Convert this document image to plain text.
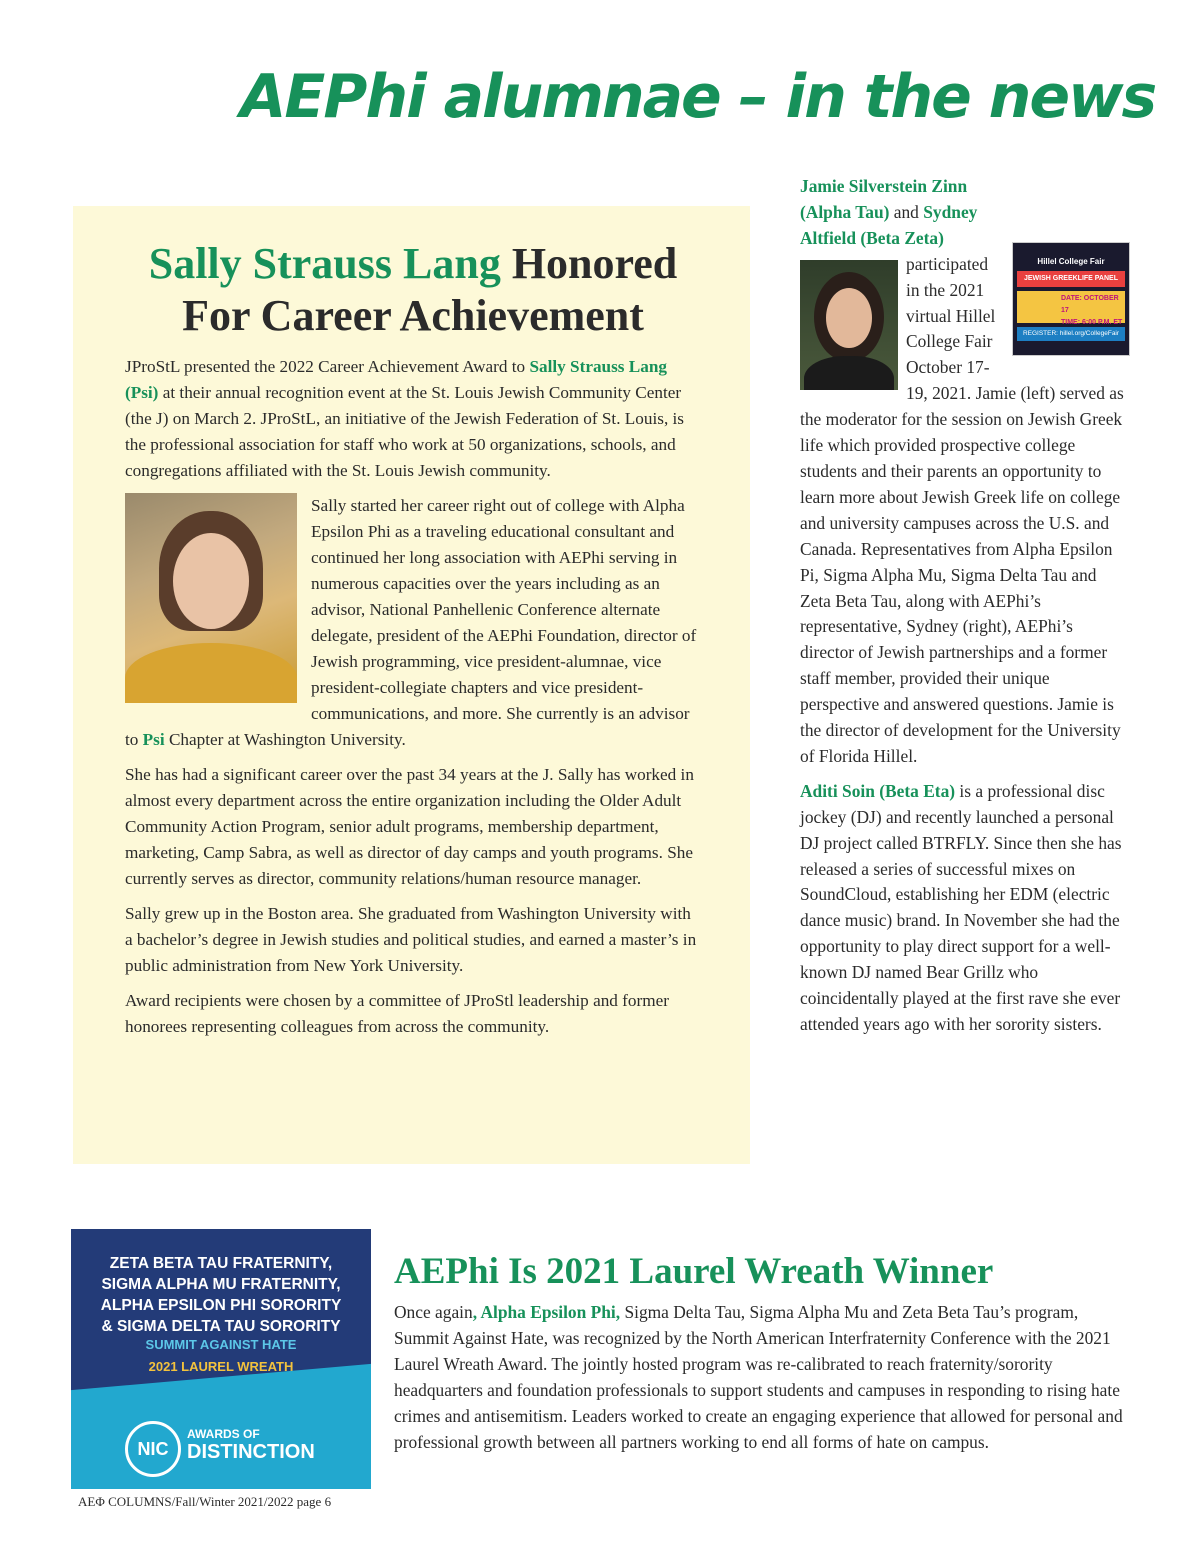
AEPhi alumnae – in the news
Sally Strauss Lang Honored For Career Achievement

JProStL presented the 2022 Career Achievement Award to Sally Strauss Lang (Psi) at their annual recognition event at the St. Louis Jewish Community Center (the J) on March 2. JProStL, an initiative of the Jewish Federation of St. Louis, is the professional association for staff who work at 50 organizations, schools, and congregations affiliated with the St. Louis Jewish community.

Sally started her career right out of college with Alpha Epsilon Phi as a traveling educational consultant and continued her long association with AEPhi serving in numerous capacities over the years including as an advisor, National Panhellenic Conference alternate delegate, president of the AEPhi Foundation, director of Jewish programming, vice president-alumnae, vice president-collegiate chapters and vice president-communications, and more. She currently is an advisor to Psi Chapter at Washington University.

She has had a significant career over the past 34 years at the J. Sally has worked in almost every department across the entire organization including the Older Adult Community Action Program, senior adult programs, membership department, marketing, Camp Sabra, as well as director of day camps and youth programs. She currently serves as director, community relations/human resource manager.

Sally grew up in the Boston area. She graduated from Washington University with a bachelor’s degree in Jewish studies and political studies, and earned a master’s in public administration from New York University.

Award recipients were chosen by a committee of JProStl leadership and former honorees representing colleagues from across the community.

Hillel College Fair
JEWISH GREEKLIFE PANEL
DATE: OCTOBER 17
TIME: 6:00 P.M. ET
REGISTER: hillel.org/CollegeFair

Jamie Silverstein Zinn (Alpha Tau) and Sydney Altfield (Beta Zeta)
participated in the 2021 virtual Hillel College Fair October 17-19, 2021. Jamie (left) served as the moderator for the session on Jewish Greek life which provided prospective college students and their parents an opportunity to learn more about Jewish Greek life on college and university campuses across the U.S. and Canada. Representatives from Alpha Epsilon Pi, Sigma Alpha Mu, Sigma Delta Tau and Zeta Beta Tau, along with AEPhi’s representative, Sydney (right), AEPhi’s director of Jewish partnerships and a former staff member, provided their unique perspective and answered questions. Jamie is the director of development for the University of Florida Hillel.

Aditi Soin (Beta Eta) is a professional disc jockey (DJ) and recently launched a personal DJ project called BTRFLY. Since then she has released a series of successful mixes on SoundCloud, establishing her EDM (electric dance music) brand. In November she had the opportunity to play direct support for a well-known DJ named Bear Grillz who coincidentally played at the first rave she ever attended years ago with her sorority sisters.

ZETA BETA TAU FRATERNITY,
SIGMA ALPHA MU FRATERNITY,
ALPHA EPSILON PHI SORORITY
& SIGMA DELTA TAU SORORITY
SUMMIT AGAINST HATE
2021 LAUREL WREATH
NIC
AWARDS OF
DISTINCTION
AEPhi Is 2021 Laurel Wreath Winner

Once again, Alpha Epsilon Phi, Sigma Delta Tau, Sigma Alpha Mu and Zeta Beta Tau’s program, Summit Against Hate, was recognized by the North American Interfraternity Conference with the 2021 Laurel Wreath Award. The jointly hosted program was re-calibrated to reach fraternity/sorority headquarters and foundation professionals to support students and campuses in responding to rising hate crimes and antisemitism. Leaders worked to create an engaging experience that allowed for personal and professional growth between all partners working to end all forms of hate on campus.

AEΦ COLUMNS/Fall/Winter 2021/2022 page 6
